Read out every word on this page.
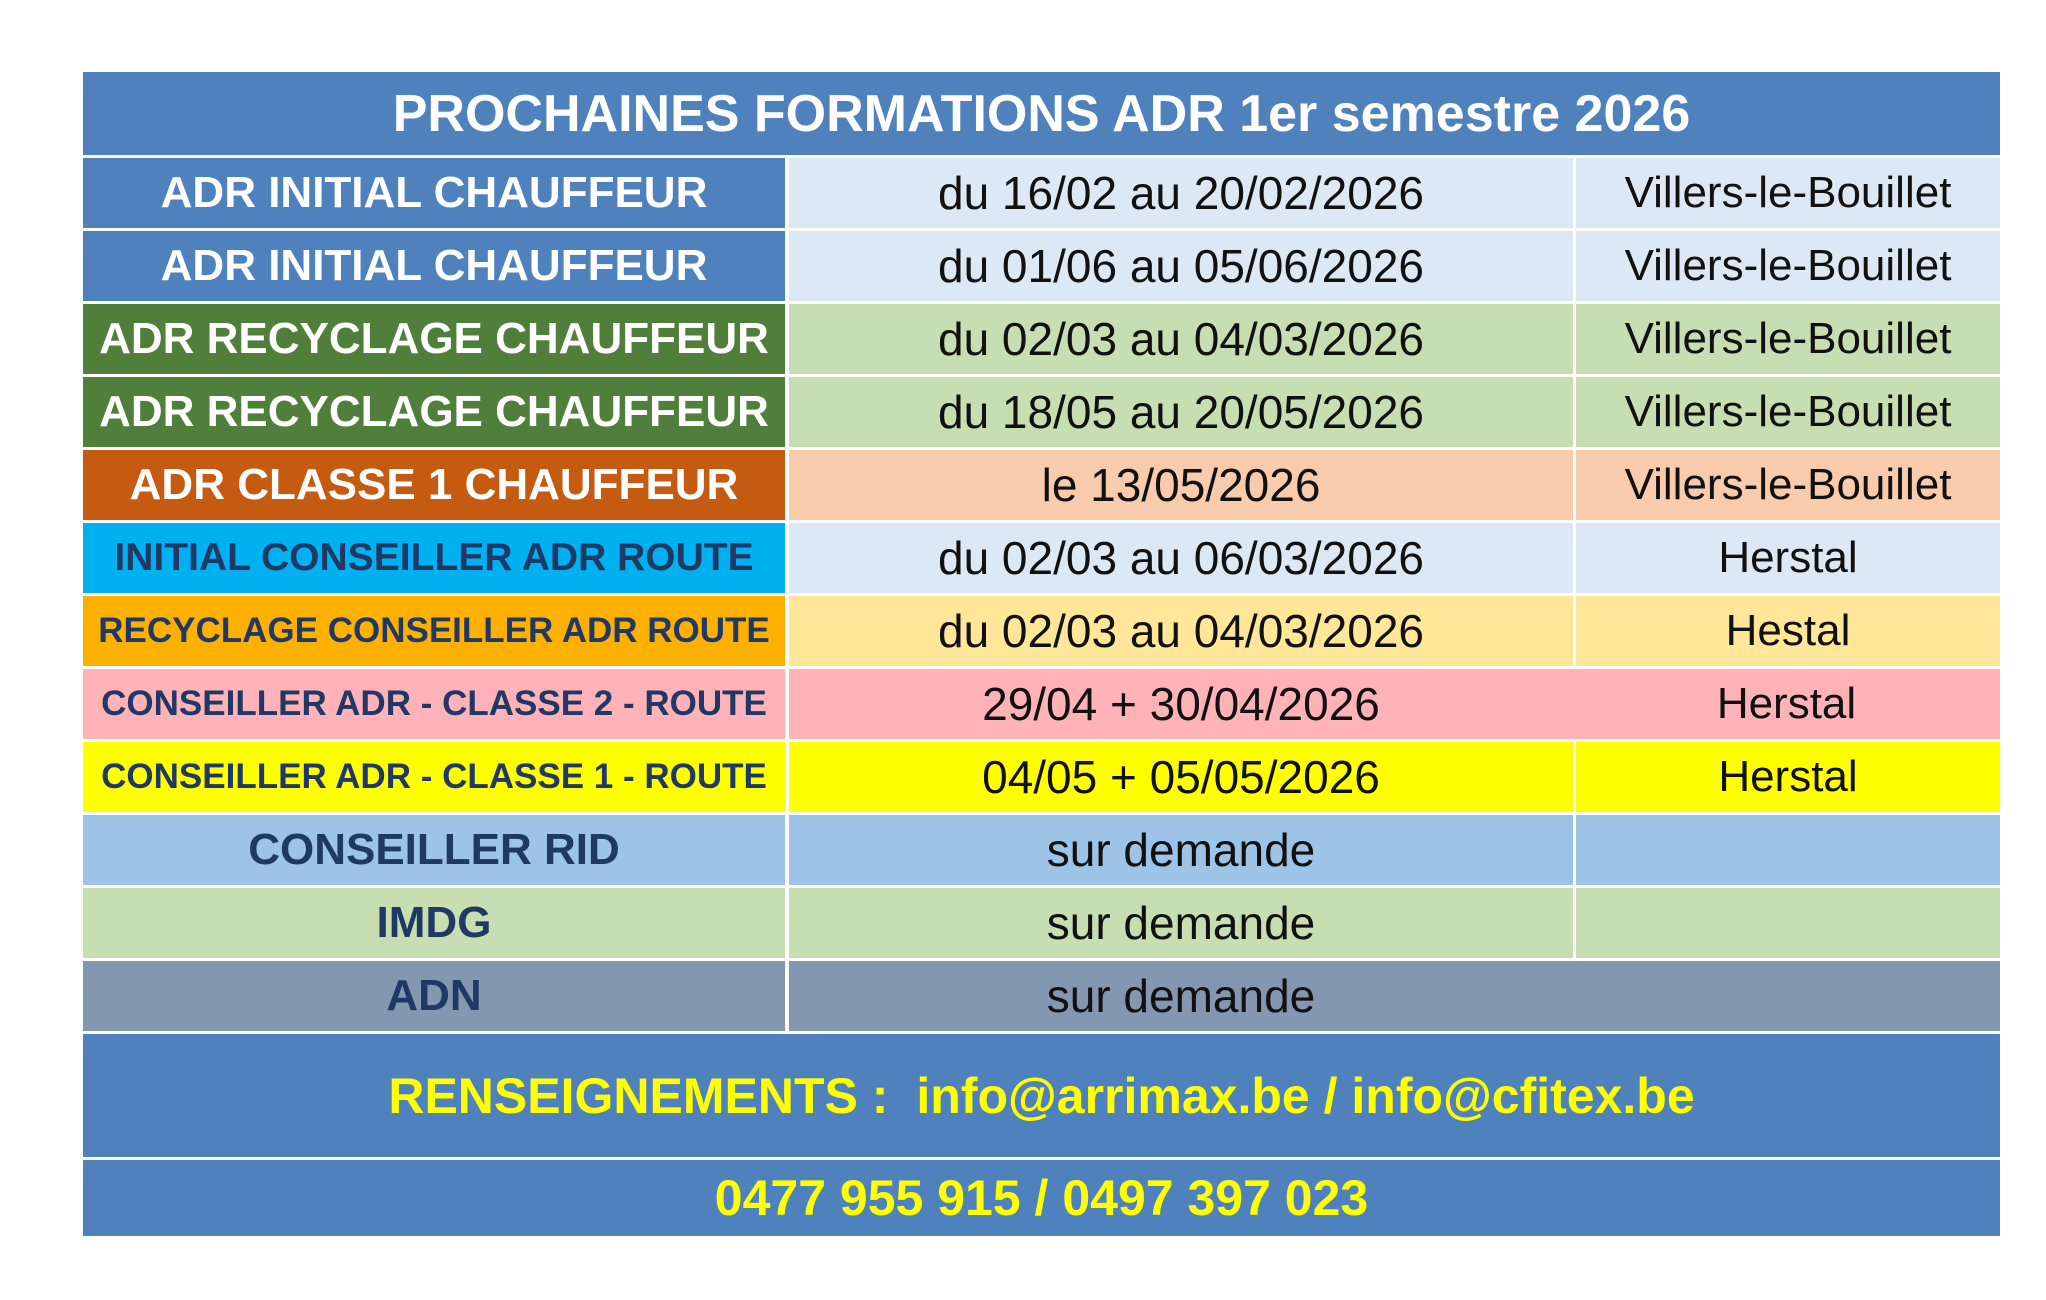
PROCHAINES FORMATIONS ADR 1er semestre 2026
ADR INITIAL CHAUFFEUR	du 16/02 au 20/02/2026	Villers-le-Bouillet
ADR INITIAL CHAUFFEUR	du 01/06 au 05/06/2026	Villers-le-Bouillet
ADR RECYCLAGE CHAUFFEUR	du 02/03 au 04/03/2026	Villers-le-Bouillet
ADR RECYCLAGE CHAUFFEUR	du 18/05 au 20/05/2026	Villers-le-Bouillet
ADR CLASSE 1 CHAUFFEUR	le 13/05/2026	Villers-le-Bouillet
INITIAL CONSEILLER ADR ROUTE	du 02/03 au 06/03/2026	Herstal
RECYCLAGE CONSEILLER ADR ROUTE	du 02/03 au 04/03/2026	Hestal
CONSEILLER ADR - CLASSE 2 - ROUTE	29/04 + 30/04/2026	Herstal
CONSEILLER ADR - CLASSE 1 - ROUTE	04/05 + 05/05/2026	Herstal
CONSEILLER RID	sur demande
IMDG	sur demande
ADN	sur demande
RENSEIGNEMENTS : info@arrimax.be / info@cfitex.be
0477 955 915 / 0497 397 023
